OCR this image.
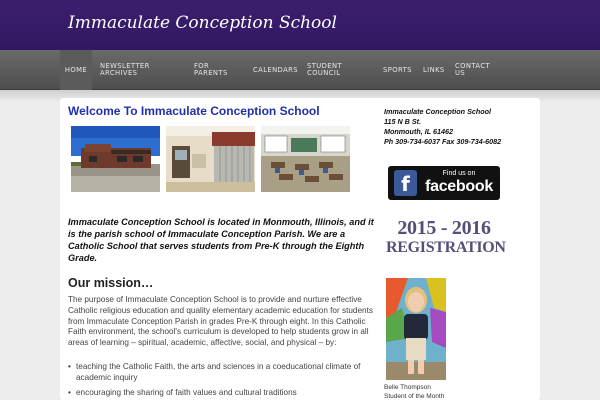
Immaculate Conception School
HOME NEWSLETTER
ARCHIVES
FOR
PARENTS	CALENDARS STUDENT
COUNCIL	SPORTS LINKS CONTACT
US
Welcome To Immaculate Conception School

Immaculate Conception School is located in Monmouth, Illinois, and it is the parish school of Immaculate Conception Parish. We are a Catholic School that serves students from Pre-K through the Eighth Grade.

Our mission…

The purpose of Immaculate Conception School is to provide and nurture effective Catholic religious education and quality elementary academic education for students from Immaculate Conception Parish in grades Pre-K through eight. In this Catholic Faith environment, the school's curriculum is developed to help students grow in all areas of learning – spiritual, academic, affective, social, and physical – by:

• teaching the Catholic Faith, the arts and sciences in a coeducational climate of academic inquiry
• encouraging the sharing of faith values and cultural traditions
Immaculate Conception School
115 N B St.
Monmouth, IL 61462
Ph 309-734-6037 Fax 309-734-6082
f	Find us on
facebook
2015 - 2016
REGISTRATION
Belle Thompson
Student of the Month
